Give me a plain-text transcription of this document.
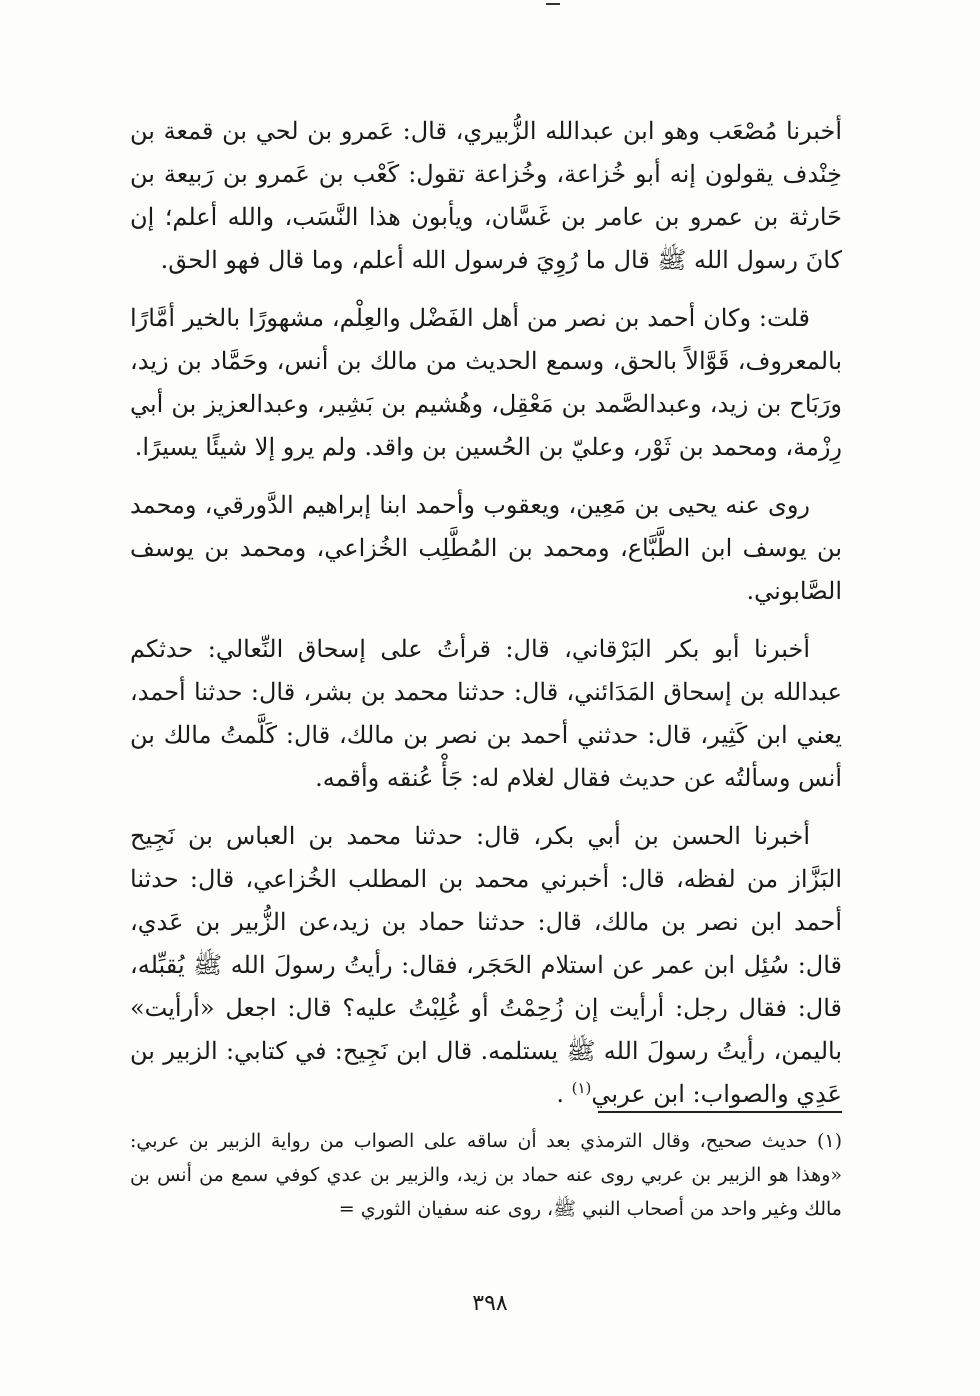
أخبرنا مُصْعَب وهو ابن عبدالله الزُّبيري، قال: عَمرو بن لحي بن قمعة بن خِنْدف يقولون إنه أبو خُزاعة، وخُزاعة تقول: كَعْب بن عَمرو بن رَبيعة بن حَارثة بن عمرو بن عامر بن غَسَّان، ويأبون هذا النَّسَب، والله أعلم؛ إن كانَ رسول الله ﷺ قال ما رُوِيَ فرسول الله أعلم، وما قال فهو الحق.

قلت: وكان أحمد بن نصر من أهل الفَضْل والعِلْم، مشهورًا بالخير أمَّارًا بالمعروف، قَوَّالاً بالحق، وسمع الحديث من مالك بن أنس، وحَمَّاد بن زيد، ورَبَاح بن زيد، وعبدالصَّمد بن مَعْقِل، وهُشيم بن بَشِير، وعبدالعزيز بن أبي رِزْمة، ومحمد بن ثَوْر، وعليّ بن الحُسين بن واقد. ولم يرو إلا شيئًا يسيرًا.

روى عنه يحيى بن مَعِين، ويعقوب وأحمد ابنا إبراهيم الدَّورقي، ومحمد بن يوسف ابن الطَّبَّاع، ومحمد بن المُطَّلِب الخُزاعي، ومحمد بن يوسف الصَّابوني.

أخبرنا أبو بكر البَرْقاني، قال: قرأتُ على إسحاق النِّعالي: حدثكم عبدالله بن إسحاق المَدَائني، قال: حدثنا محمد بن بشر، قال: حدثنا أحمد، يعني ابن كَثِير، قال: حدثني أحمد بن نصر بن مالك، قال: كَلَّمتُ مالك بن أنس وسألتُه عن حديث فقال لغلام له: جَأْ عُنقه وأقمه.

أخبرنا الحسن بن أبي بكر، قال: حدثنا محمد بن العباس بن نَجِيح البَزَّاز من لفظه، قال: أخبرني محمد بن المطلب الخُزاعي، قال: حدثنا أحمد ابن نصر بن مالك، قال: حدثنا حماد بن زيد،عن الزُّبير بن عَدي، قال: سُئِل ابن عمر عن استلام الحَجَر، فقال: رأيتُ رسولَ الله ﷺ يُقبِّله، قال: فقال رجل: أرأيت إن زُحِمْتُ أو غُلِبْتُ عليه؟ قال: اجعل «أرأيت» باليمن، رأيتُ رسولَ الله ﷺ يستلمه. قال ابن نَجِيح: في كتابي: الزبير بن عَدِي والصواب: ابن عربي$^{(١)}$ .

(١) حديث صحيح، وقال الترمذي بعد أن ساقه على الصواب من رواية الزبير بن عربي: «وهذا هو الزبير بن عربي روى عنه حماد بن زيد، والزبير بن عدي كوفي سمع من أنس بن مالك وغير واحد من أصحاب النبي ﷺ، روى عنه سفيان الثوري =

٣٩٨
